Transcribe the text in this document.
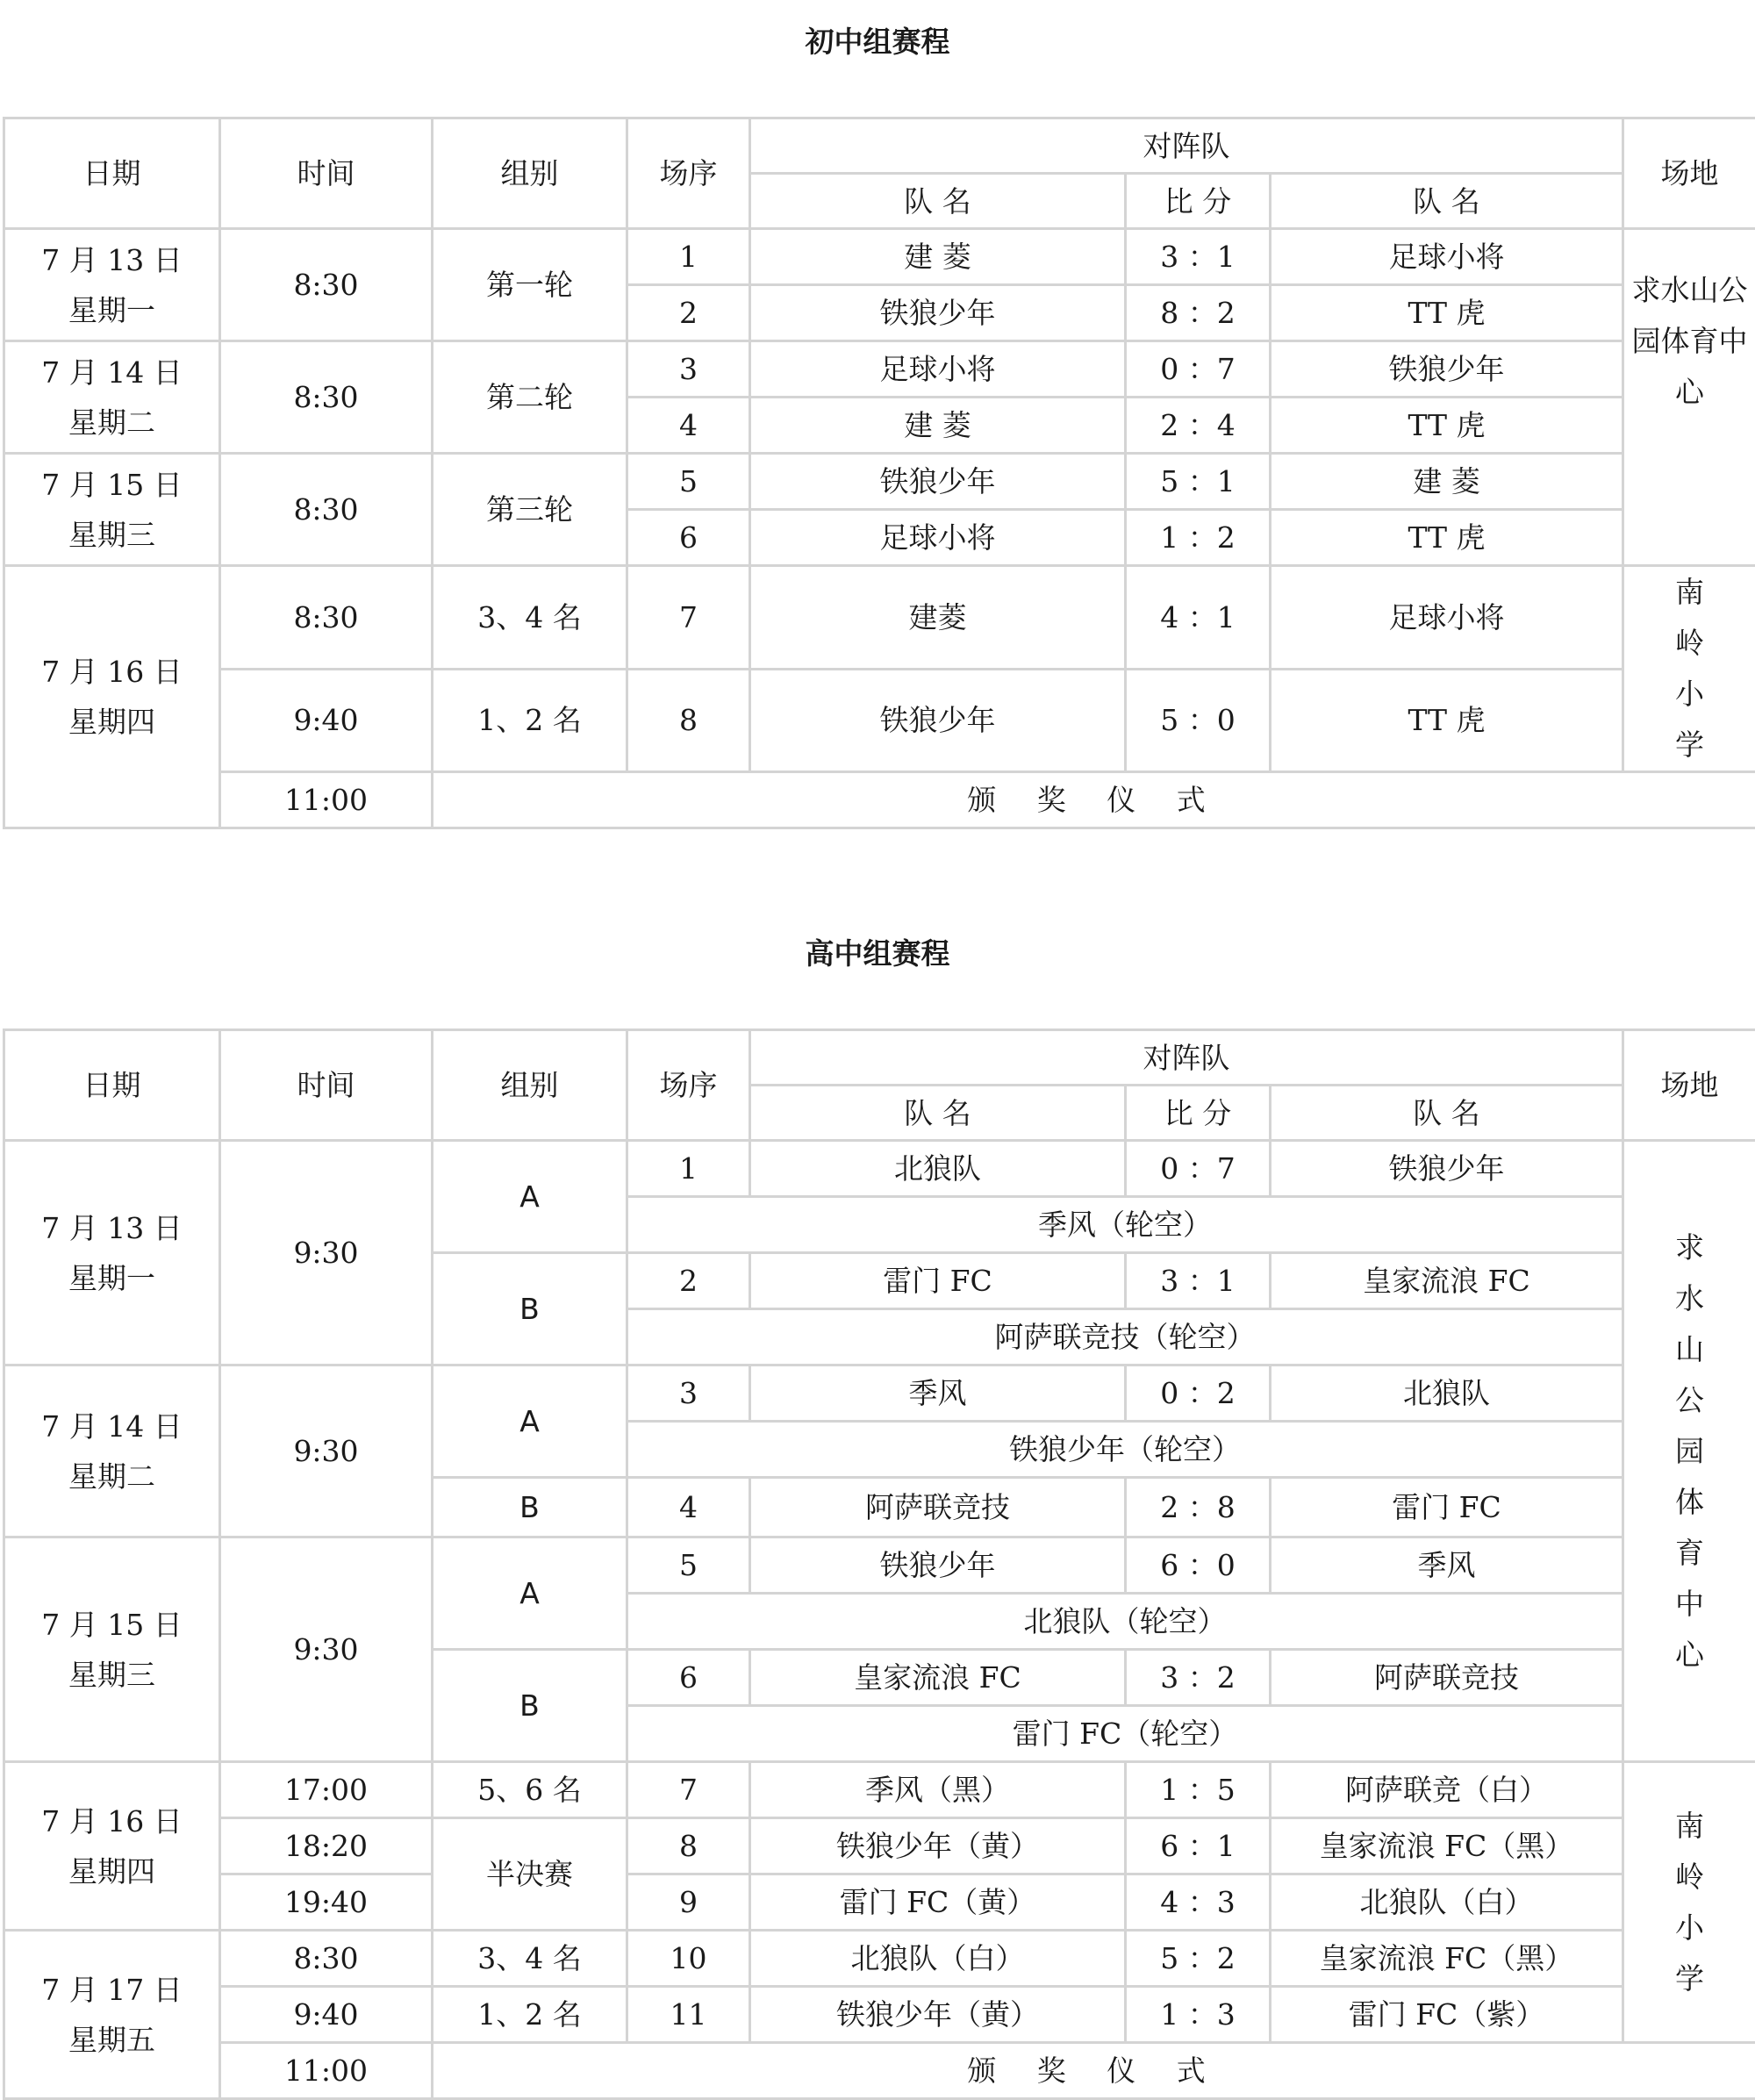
初中组赛程
日期	时间	组别	场序	对阵队			场地
				队 名	比 分	队 名	
7 月 13 日
星期一	8:30	第一轮	1	建 菱	3 ：1	足球小将	求水山公园体育中心
			2	铁狼少年	8 ：2	TT 虎	
7 月 14 日
星期二	8:30	第二轮	3	足球小将	0 ：7	铁狼少年	
			4	建 菱	2 ：4	TT 虎	
7 月 15 日
星期三	8:30	第三轮	5	铁狼少年	5 ：1	建 菱	
			6	足球小将	1 ：2	TT 虎	
7 月 16 日
星期四	8:30	3、4 名	7	建菱	4 ：1	足球小将	南岭小学
	9:40	1、2 名	8	铁狼少年	5 ：0	TT 虎	
	11:00	颁 奖 仪 式					
高中组赛程
日期	时间	组别	场序	对阵队			场地
				队 名	比 分	队 名	
7 月 13 日
星期一	9:30	A	1	北狼队	0 ：7	铁狼少年	求水山公园体育中心
			季风（轮空）				
		B	2	雷门 FC	3 ：1	皇家流浪 FC	
			阿萨联竞技（轮空）				
7 月 14 日
星期二	9:30	A	3	季风	0 ：2	北狼队	
			铁狼少年（轮空）				
		B	4	阿萨联竞技	2 ：8	雷门 FC	
7 月 15 日
星期三	9:30	A	5	铁狼少年	6 ：0	季风	
			北狼队（轮空）				
		B	6	皇家流浪 FC	3 ：2	阿萨联竞技	
			雷门 FC（轮空）				
7 月 16 日
星期四	17:00	5、6 名	7	季风（黑）	1 ：5	阿萨联竞（白）	南岭小学
	18:20	半决赛	8	铁狼少年（黄）	6 ：1	皇家流浪 FC（黑）	
	19:40		9	雷门 FC（黄）	4 ：3	北狼队（白）	
7 月 17 日
星期五	8:30	3、4 名	10	北狼队（白）	5 ：2	皇家流浪 FC（黑）	
	9:40	1、2 名	11	铁狼少年（黄）	1 ：3	雷门 FC（紫）	
	11:00	颁 奖 仪 式					
